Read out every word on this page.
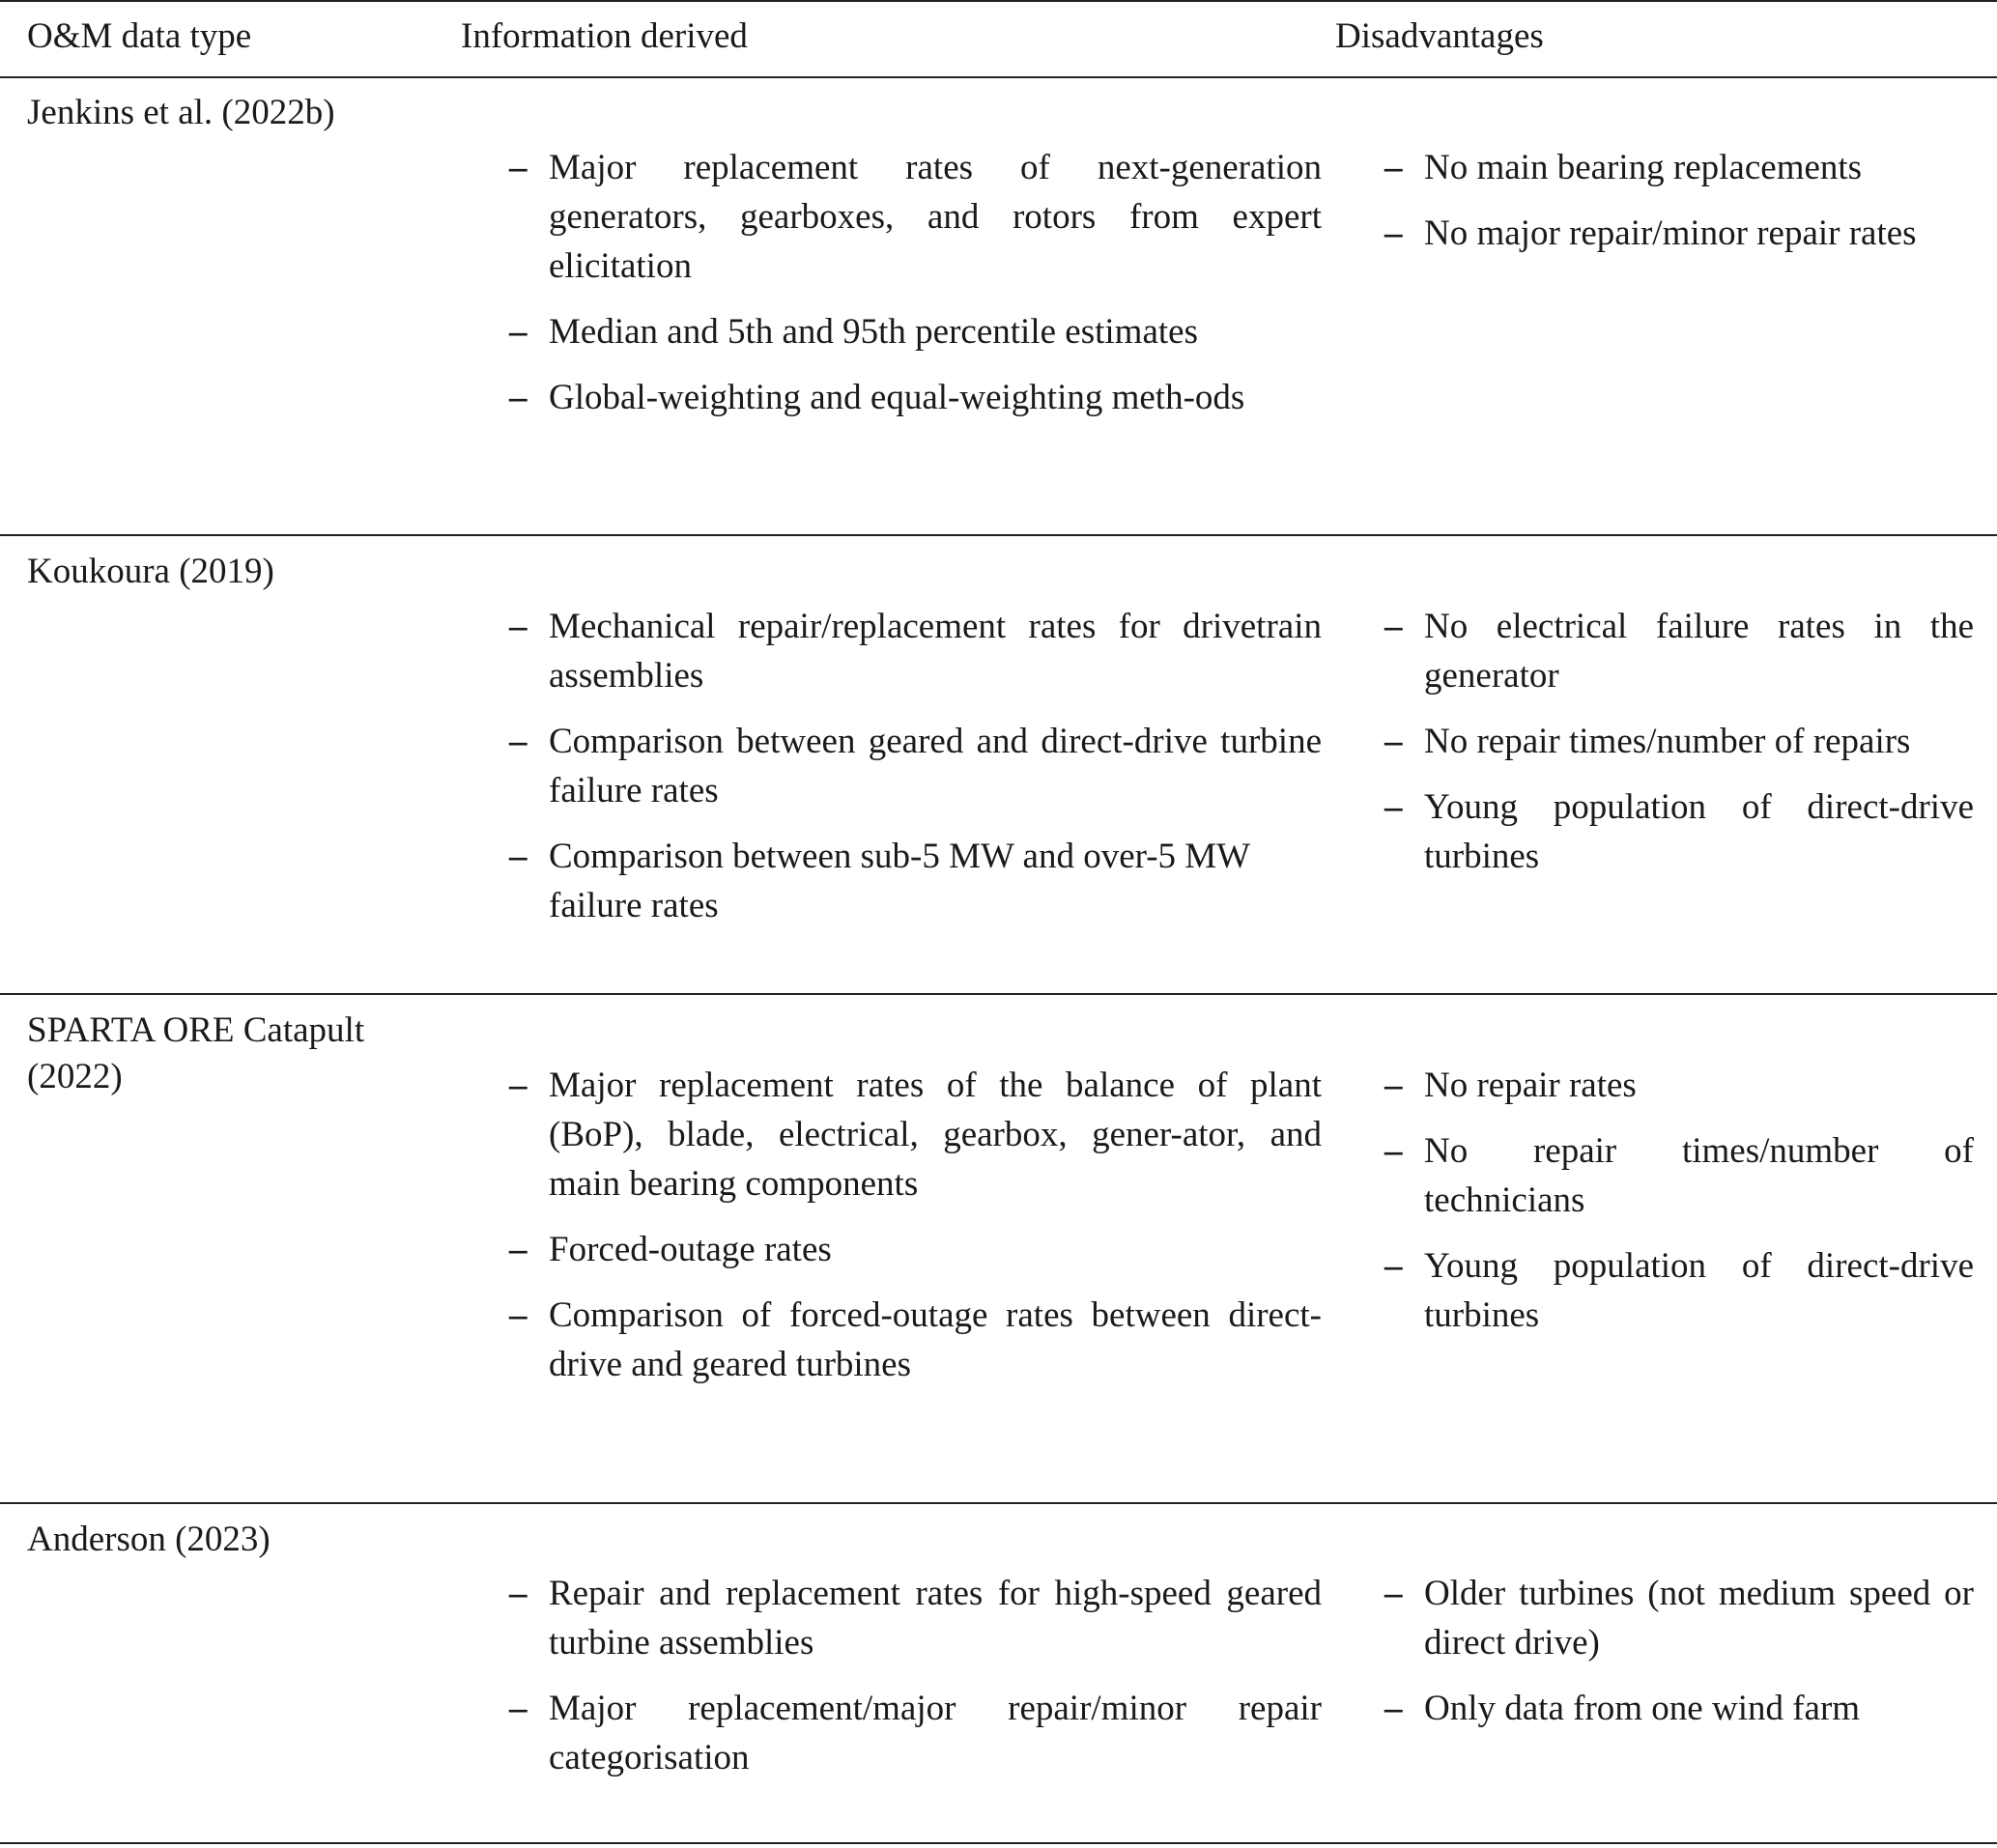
O&M data type	Information derived	Disadvantages
Jenkins et al. (2022b)
– Major replacement rates of next-generation generators, gearboxes, and rotors from expert elicitation
– Median and 5th and 95th percentile estimates
– Global-weighting and equal-weighting meth-ods
– No main bearing replacements
– No major repair/minor repair rates
Koukoura (2019)
– Mechanical repair/replacement rates for drivetrain assemblies
– Comparison between geared and direct-drive turbine failure rates
– Comparison between sub-5 MW and over-5 MW failure rates
– No electrical failure rates in the generator
– No repair times/number of repairs
– Young population of direct-drive turbines
SPARTA ORE Catapult (2022)
–	Major replacement rates of the balance of plant (BoP), blade, electrical, gearbox, gener-ator, and main bearing components
– Forced-outage rates
– Comparison of forced-outage rates between direct-drive and geared turbines
– No repair rates
– No repair times/number of technicians
– Young population of direct-drive turbines
Anderson (2023)
– Repair and replacement rates for high-speed geared turbine assemblies
– Major replacement/major repair/minor repair categorisation
– Older turbines (not medium speed or direct drive)
– Only data from one wind farm
